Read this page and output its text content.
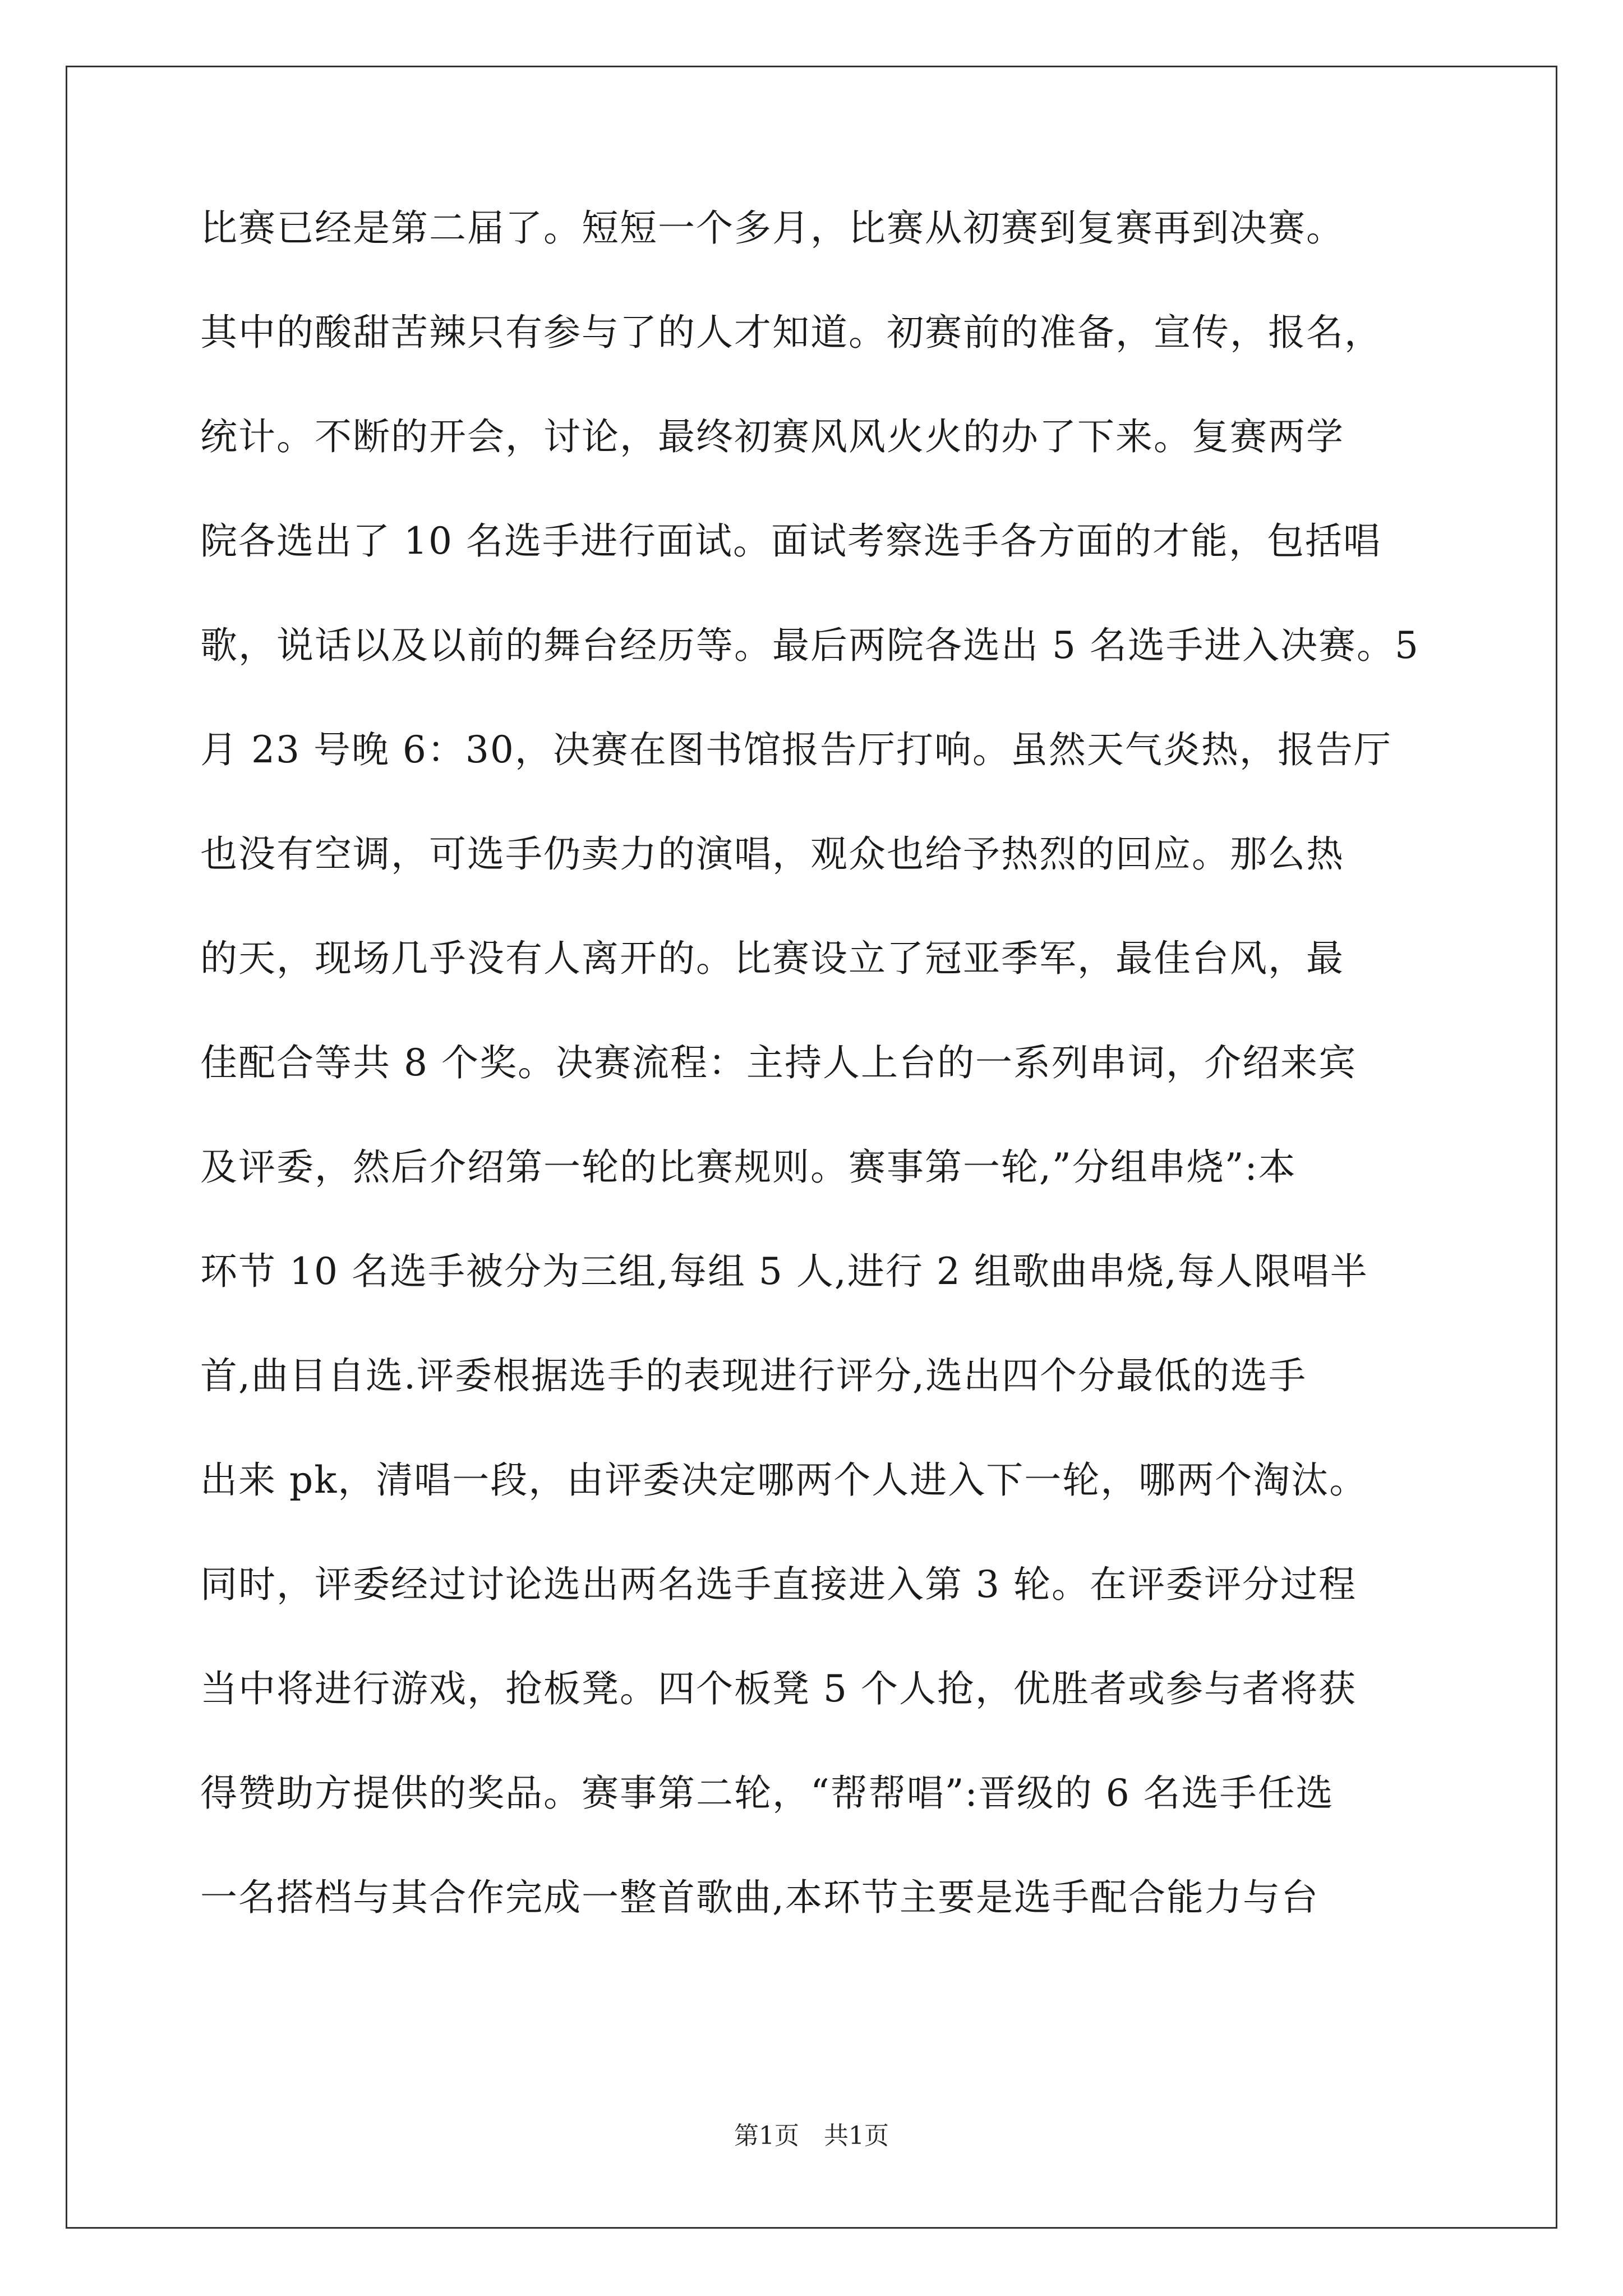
比赛已经是第二届了。短短一个多月，比赛从初赛到复赛再到决赛。
其中的酸甜苦辣只有参与了的人才知道。初赛前的准备，宣传，报名，
统计。不断的开会，讨论，最终初赛风风火火的办了下来。复赛两学
院各选出了 10 名选手进行面试。面试考察选手各方面的才能，包括唱
歌，说话以及以前的舞台经历等。最后两院各选出 5 名选手进入决赛。5
月 23 号晚 6：30，决赛在图书馆报告厅打响。虽然天气炎热，报告厅
也没有空调，可选手仍卖力的演唱，观众也给予热烈的回应。那么热
的天，现场几乎没有人离开的。比赛设立了冠亚季军，最佳台风，最
佳配合等共 8 个奖。决赛流程：主持人上台的一系列串词，介绍来宾
及评委，然后介绍第一轮的比赛规则。赛事第一轮,”分组串烧”:本
环节 10 名选手被分为三组,每组 5 人,进行 2 组歌曲串烧,每人限唱半
首,曲目自选.评委根据选手的表现进行评分,选出四个分最低的选手
出来 pk，清唱一段，由评委决定哪两个人进入下一轮，哪两个淘汰。
同时，评委经过讨论选出两名选手直接进入第 3 轮。在评委评分过程
当中将进行游戏，抢板凳。四个板凳 5 个人抢，优胜者或参与者将获
得赞助方提供的奖品。赛事第二轮，“帮帮唱”:晋级的 6 名选手任选
一名搭档与其合作完成一整首歌曲,本环节主要是选手配合能力与台
第1页　共1页
